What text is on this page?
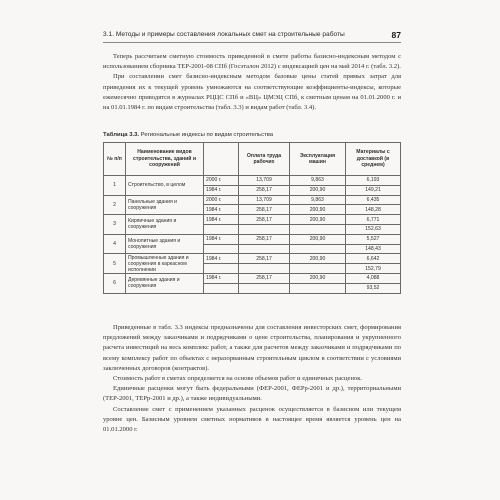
3.1. Методы и примеры составления локальных смет на строительные работы	87

Теперь рассчитаем сметную стоимость приведенной в смете работы базисно-индексным методом с использованием сборника ТЕР-2001-08 СПб (Госэталон 2012) с индексацией цен на май 2014 г. (табл. 3.2).

При составлении смет базисно-индексным методом базовые цены статей прямых затрат для приведения их к текущей уровень умножаются на соответствующие коэффициенты-индексы, которые ежемесячно приводятся в журналах РЦЦС СПб и «ВЦ» ЦМЭЦ СПб, к сметным ценам на 01.01.2000 г. и на 01.01.1984 г. по видам строительства (табл. 3.3) и видам работ (табл. 3.4).

Таблица 3.3. Региональные индексы по видам строительства
№ п/п	Наименование видов строительства, зданий и сооружений		Оплата труда рабочих	Эксплуатация машин	Материалы с доставкой (в среднем)
1	Строительство, в целом	2000 г.	13,709	9,863	6,193
		1984 г.	258,17	200,90	149,21
2	Панельные здания и сооружения	2000 г.	13,709	9,863	6,435
		1984 г.	258,17	200,90	148,28
3	Кирпичные здания и сооружения	1984 г.	258,17	200,90	6,771
					152,63
4	Монолитные здания и сооружения	1984 г.	258,17	200,90	5,527
					148,43
5	Промышленные здания и сооружения в каркасном исполнении	1984 г.	258,17	200,90	6,642
					152,79
6	Деревянные здания и сооружения	1984 г.	258,17	200,90	4,088
					93,52

Приведенные в табл. 3.3 индексы предназначены для составления инвесторских смет, формирования предложений между заказчиками и подрядчиками о цене строительства, планирования и укрупненного расчета инвестиций на весь комплекс работ, а также для расчетов между заказчиками и подрядчиками по всему комплексу работ по объектах с неразорванным строительным циклом в соответствии с условиями заключенных договоров (контрактов).

Стоимость работ в сметах определяется на основе объемов работ и единичных расценок.

Единичные расценки могут быть федеральными (ФЕР-2001, ФЕРр-2001 и др.), территориальными (ТЕР-2001, ТЕРр-2001 и др.), а также индивидуальными.

Составление смет с применением указанных расценок осуществляется в базисном или текущем уровне цен. Базисным уровнем сметных нормативов в настоящее время является уровень цен на 01.01.2000 г.
